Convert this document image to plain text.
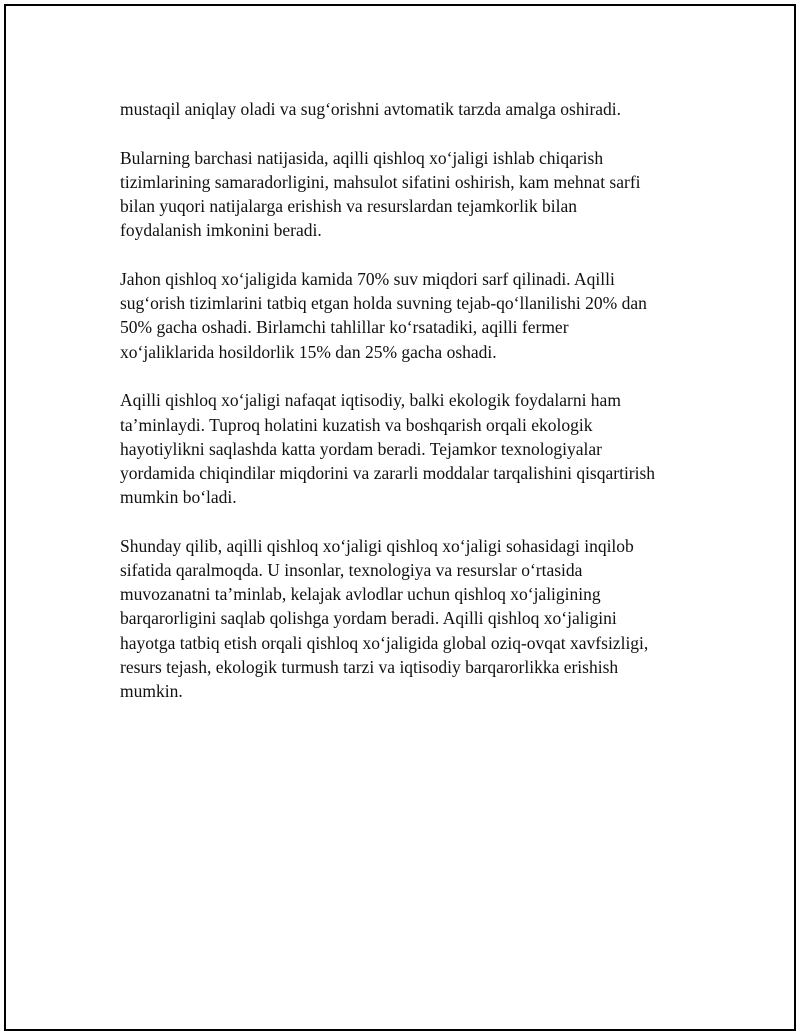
mustaqil aniqlay oladi va sug‘orishni avtomatik tarzda amalga oshiradi.

Bularning barchasi natijasida, aqilli qishloq xo‘jaligi ishlab chiqarish
tizimlarining samaradorligini, mahsulot sifatini oshirish, kam mehnat sarfi
bilan yuqori natijalarga erishish va resurslardan tejamkorlik bilan
foydalanish imkonini beradi.

Jahon qishloq xo‘jaligida kamida 70% suv miqdori sarf qilinadi. Aqilli
sug‘orish tizimlarini tatbiq etgan holda suvning tejab-qo‘llanilishi 20% dan
50% gacha oshadi. Birlamchi tahlillar ko‘rsatadiki, aqilli fermer
xo‘jaliklarida hosildorlik 15% dan 25% gacha oshadi.

Aqilli qishloq xo‘jaligi nafaqat iqtisodiy, balki ekologik foydalarni ham
ta’minlaydi. Tuproq holatini kuzatish va boshqarish orqali ekologik
hayotiylikni saqlashda katta yordam beradi. Tejamkor texnologiyalar
yordamida chiqindilar miqdorini va zararli moddalar tarqalishini qisqartirish
mumkin bo‘ladi.

Shunday qilib, aqilli qishloq xo‘jaligi qishloq xo‘jaligi sohasidagi inqilob
sifatida qaralmoqda. U insonlar, texnologiya va resurslar o‘rtasida
muvozanatni ta’minlab, kelajak avlodlar uchun qishloq xo‘jaligining
barqarorligini saqlab qolishga yordam beradi. Aqilli qishloq xo‘jaligini
hayotga tatbiq etish orqali qishloq xo‘jaligida global oziq-ovqat xavfsizligi,
resurs tejash, ekologik turmush tarzi va iqtisodiy barqarorlikka erishish
mumkin.
